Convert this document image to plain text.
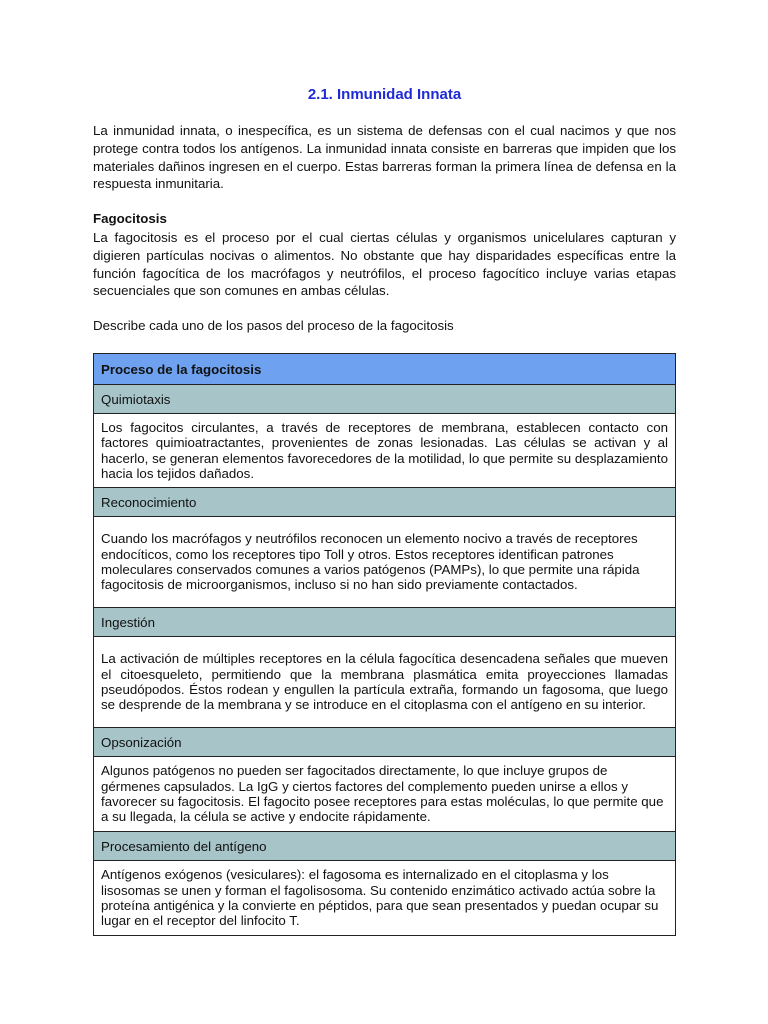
2.1. Inmunidad Innata

La inmunidad innata, o inespecífica, es un sistema de defensas con el cual nacimos y que nos protege contra todos los antígenos. La inmunidad innata consiste en barreras que impiden que los materiales dañinos ingresen en el cuerpo. Estas barreras forman la primera línea de defensa en la respuesta inmunitaria.

Fagocitosis

La fagocitosis es el proceso por el cual ciertas células y organismos unicelulares capturan y digieren partículas nocivas o alimentos. No obstante que hay disparidades específicas entre la función fagocítica de los macrófagos y neutrófilos, el proceso fagocítico incluye varias etapas secuenciales que son comunes en ambas células.

Describe cada uno de los pasos del proceso de la fagocitosis

Proceso de la fagocitosis
Quimiotaxis
Los fagocitos circulantes, a través de receptores de membrana, establecen contacto con factores quimioatractantes, provenientes de zonas lesionadas. Las células se activan y al hacerlo, se generan elementos favorecedores de la motilidad, lo que permite su desplazamiento hacia los tejidos dañados.
Reconocimiento
Cuando los macrófagos y neutrófilos reconocen un elemento nocivo a través de receptores endocíticos, como los receptores tipo Toll y otros. Estos receptores identifican patrones moleculares conservados comunes a varios patógenos (PAMPs), lo que permite una rápida fagocitosis de microorganismos, incluso si no han sido previamente contactados.
Ingestión
La activación de múltiples receptores en la célula fagocítica desencadena señales que mueven el citoesqueleto, permitiendo que la membrana plasmática emita proyecciones llamadas pseudópodos. Éstos rodean y engullen la partícula extraña, formando un fagosoma, que luego se desprende de la membrana y se introduce en el citoplasma con el antígeno en su interior.
Opsonización
Algunos patógenos no pueden ser fagocitados directamente, lo que incluye grupos de gérmenes capsulados. La IgG y ciertos factores del complemento pueden unirse a ellos y favorecer su fagocitosis. El fagocito posee receptores para estas moléculas, lo que permite que a su llegada, la célula se active y endocite rápidamente.
Procesamiento del antígeno
Antígenos exógenos (vesiculares): el fagosoma es internalizado en el citoplasma y los lisosomas se unen y forman el fagolisosoma. Su contenido enzimático activado actúa sobre la proteína antigénica y la convierte en péptidos, para que sean presentados y puedan ocupar su lugar en el receptor del linfocito T.
